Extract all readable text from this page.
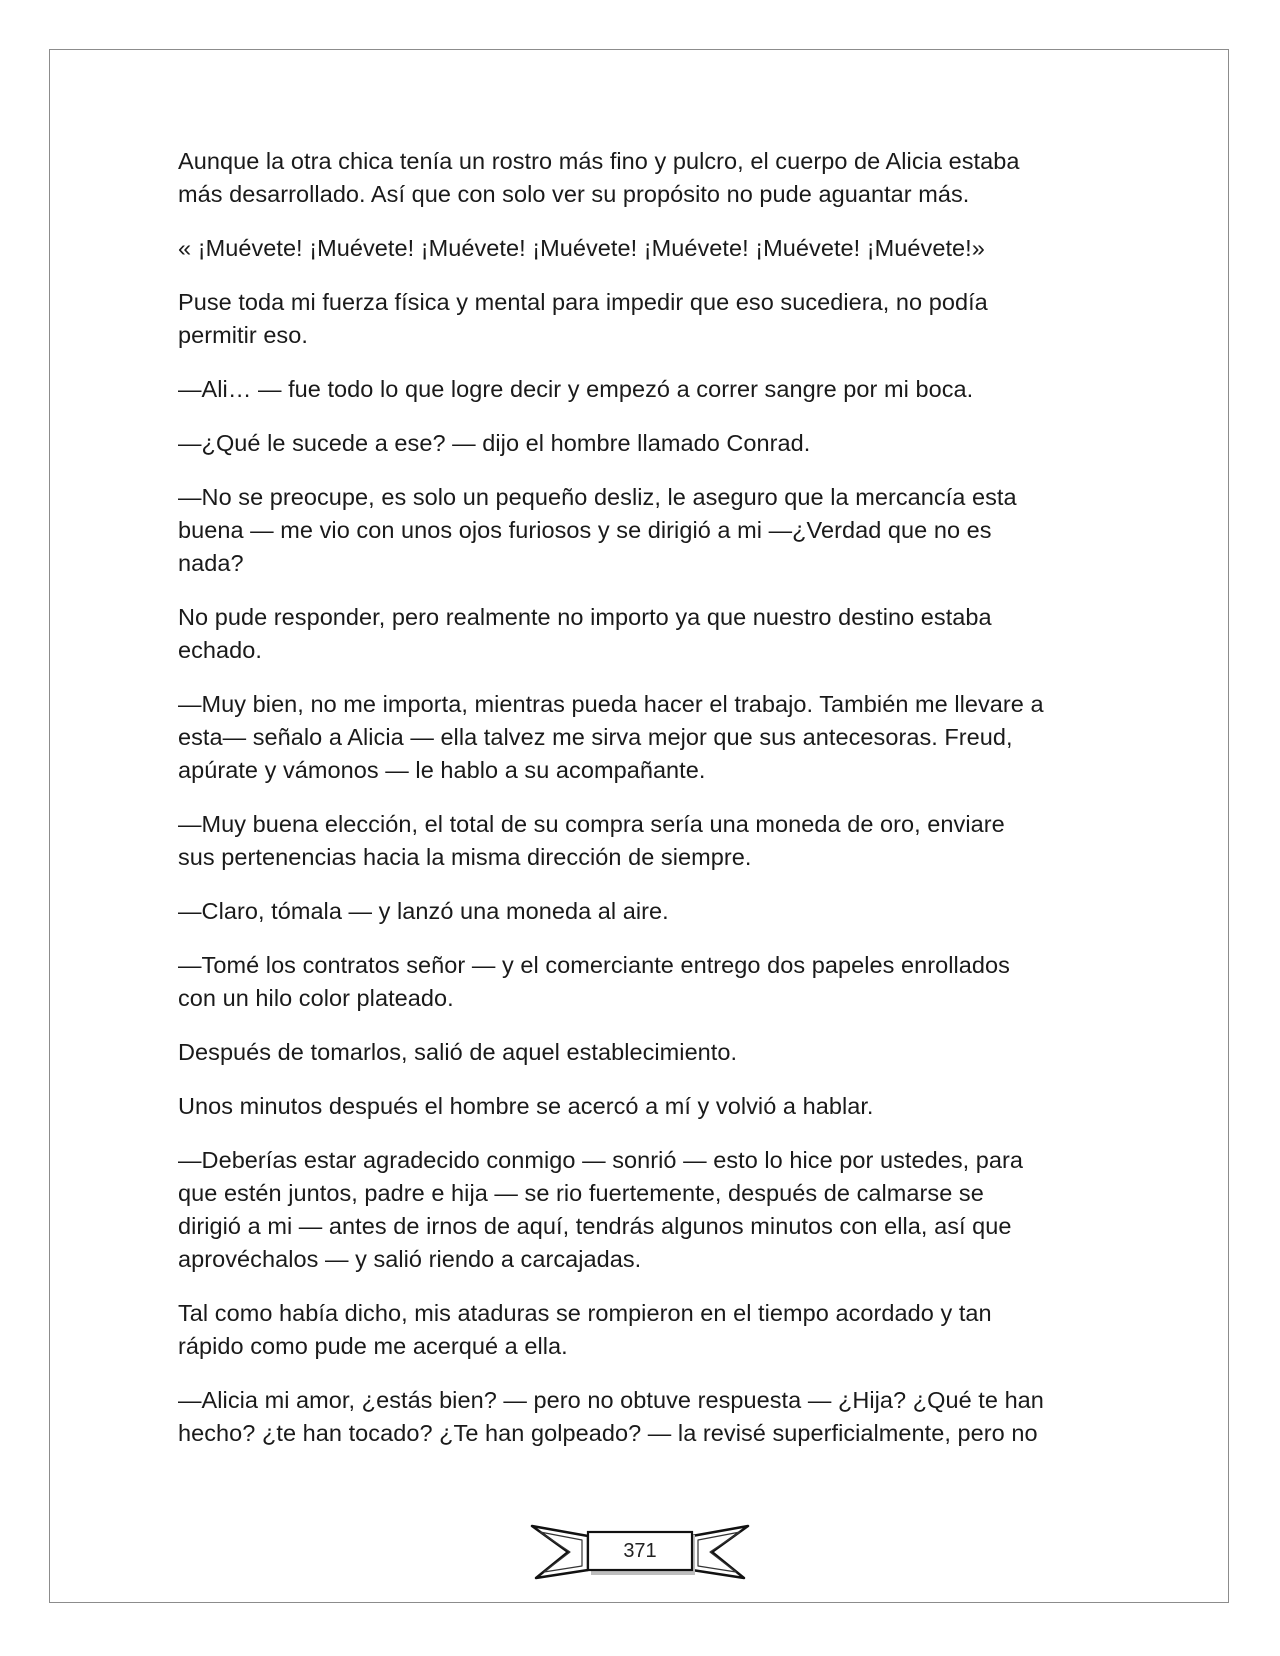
Aunque la otra chica tenía un rostro más fino y pulcro, el cuerpo de Alicia estaba
más desarrollado. Así que con solo ver su propósito no pude aguantar más.

« ¡Muévete! ¡Muévete! ¡Muévete! ¡Muévete! ¡Muévete! ¡Muévete! ¡Muévete!»

Puse toda mi fuerza física y mental para impedir que eso sucediera, no podía
permitir eso.

—Ali… — fue todo lo que logre decir y empezó a correr sangre por mi boca.

—¿Qué le sucede a ese? — dijo el hombre llamado Conrad.

—No se preocupe, es solo un pequeño desliz, le aseguro que la mercancía esta
buena — me vio con unos ojos furiosos y se dirigió a mi —¿Verdad que no es
nada?

No pude responder, pero realmente no importo ya que nuestro destino estaba
echado.

—Muy bien, no me importa, mientras pueda hacer el trabajo. También me llevare a
esta— señalo a Alicia — ella talvez me sirva mejor que sus antecesoras. Freud,
apúrate y vámonos — le hablo a su acompañante.

—Muy buena elección, el total de su compra sería una moneda de oro, enviare
sus pertenencias hacia la misma dirección de siempre.

—Claro, tómala — y lanzó una moneda al aire.

—Tomé los contratos señor — y el comerciante entrego dos papeles enrollados
con un hilo color plateado.

Después de tomarlos, salió de aquel establecimiento.

Unos minutos después el hombre se acercó a mí y volvió a hablar.

—Deberías estar agradecido conmigo — sonrió — esto lo hice por ustedes, para
que estén juntos, padre e hija — se rio fuertemente, después de calmarse se
dirigió a mi — antes de irnos de aquí, tendrás algunos minutos con ella, así que
aprovéchalos — y salió riendo a carcajadas.

Tal como había dicho, mis ataduras se rompieron en el tiempo acordado y tan
rápido como pude me acerqué a ella.

—Alicia mi amor, ¿estás bien? — pero no obtuve respuesta — ¿Hija? ¿Qué te han
hecho? ¿te han tocado? ¿Te han golpeado? — la revisé superficialmente, pero no

371
